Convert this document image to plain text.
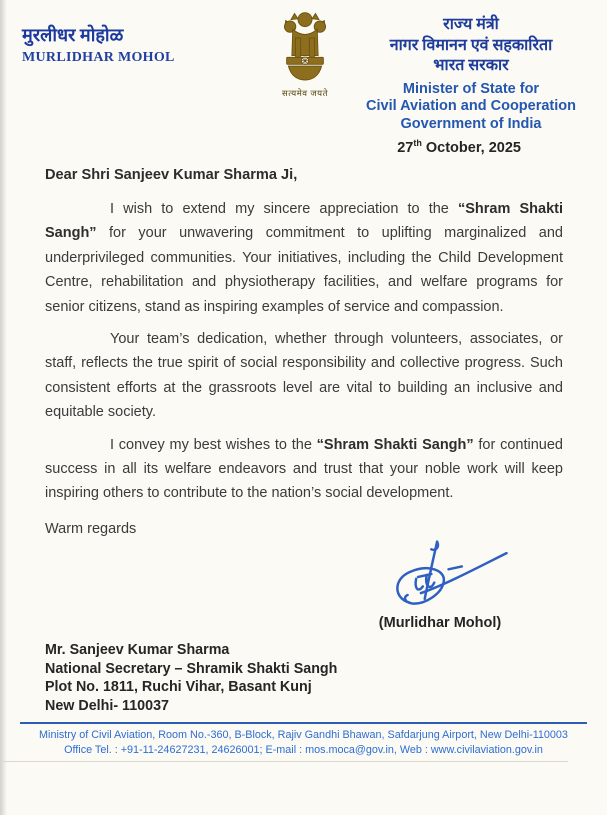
मुरलीधर मोहोळ
MURLIDHAR MOHOL
सत्यमेव जयते
राज्य मंत्री
नागर विमानन एवं सहकारिता
भारत सरकार
Minister of State for
Civil Aviation and Cooperation
Government of India
27th October, 2025

Dear Shri Sanjeev Kumar Sharma Ji,

I wish to extend my sincere appreciation to the “Shram Shakti Sangh” for your unwavering commitment to uplifting marginalized and underprivileged communities. Your initiatives, including the Child Development Centre, rehabilitation and physiotherapy facilities, and welfare programs for senior citizens, stand as inspiring examples of service and compassion.

Your team’s dedication, whether through volunteers, associates, or staff, reflects the true spirit of social responsibility and collective progress. Such consistent efforts at the grassroots level are vital to building an inclusive and equitable society.

I convey my best wishes to the “Shram Shakti Sangh” for continued success in all its welfare endeavors and trust that your noble work will keep inspiring others to contribute to the nation’s social development.

Warm regards

(Murlidhar Mohol)
Mr. Sanjeev Kumar Sharma
National Secretary – Shramik Shakti Sangh
Plot No. 1811, Ruchi Vihar, Basant Kunj
New Delhi- 110037
Ministry of Civil Aviation, Room No.-360, B-Block, Rajiv Gandhi Bhawan, Safdarjung Airport, New Delhi-110003
Office Tel. : +91-11-24627231, 24626001; E-mail : mos.moca@gov.in, Web : www.civilaviation.gov.in
